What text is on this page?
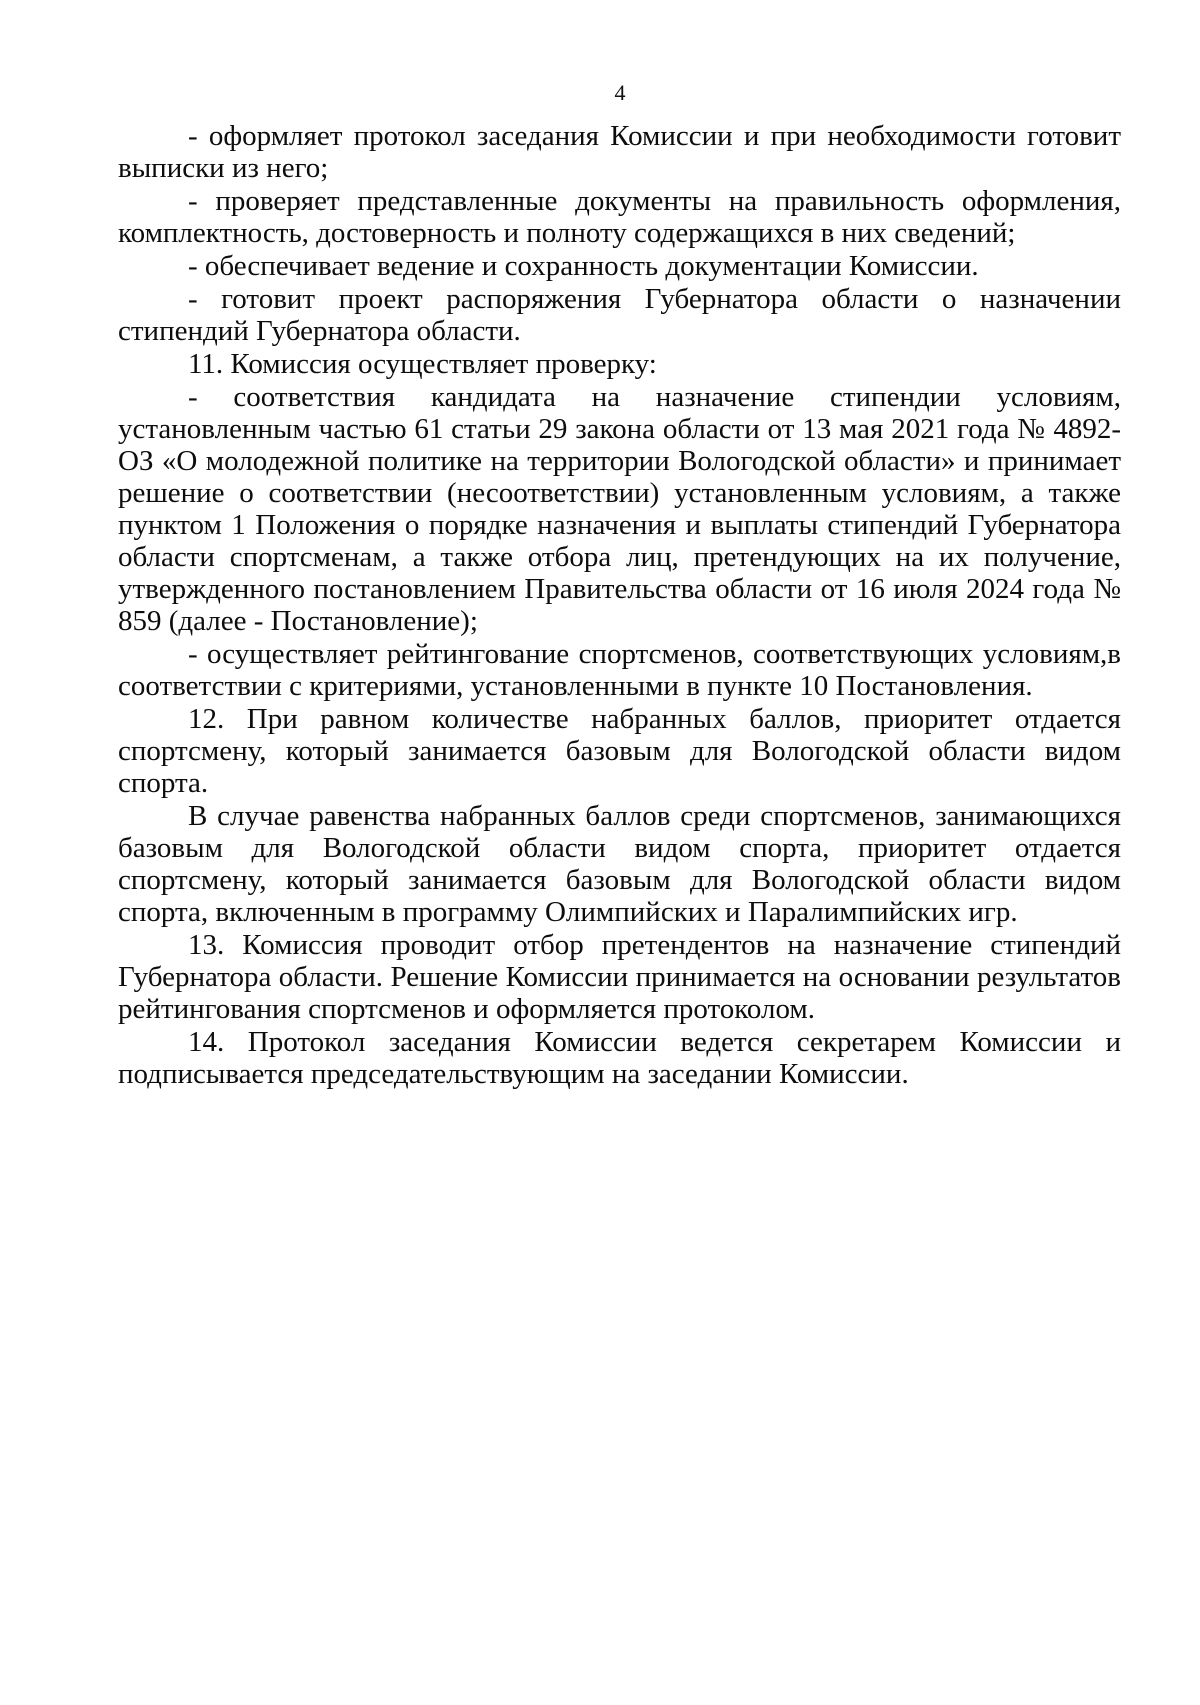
4

- оформляет протокол заседания Комиссии и при необходимости готовит выписки из него;

- проверяет представленные документы на правильность оформления, комплектность, достоверность и полноту содержащихся в них сведений;

- обеспечивает ведение и сохранность документации Комиссии.

- готовит проект распоряжения Губернатора области о назначении стипендий Губернатора области.

11. Комиссия осуществляет проверку:

- соответствия кандидата на назначение стипендии условиям, установленным частью 61 статьи 29 закона области от 13 мая 2021 года № 4892-ОЗ «О молодежной политике на территории Вологодской области» и принимает решение о соответствии (несоответствии) установленным условиям, а также пунктом 1 Положения о порядке назначения и выплаты стипендий Губернатора области спортсменам, а также отбора лиц, претендующих на их получение, утвержденного постановлением Правительства области от 16 июля 2024 года № 859 (далее - Постановление);

- осуществляет рейтингование спортсменов, соответствующих условиям,в соответствии с критериями, установленными в пункте 10 Постановления.

12. При равном количестве набранных баллов, приоритет отдается спортсмену, который занимается базовым для Вологодской области видом спорта.

В случае равенства набранных баллов среди спортсменов, занимающихся базовым для Вологодской области видом спорта, приоритет отдается спортсмену, который занимается базовым для Вологодской области видом спорта, включенным в программу Олимпийских и Паралимпийских игр.

13. Комиссия проводит отбор претендентов на назначение стипендий Губернатора области. Решение Комиссии принимается на основании результатов рейтингования спортсменов и оформляется протоколом.

14. Протокол заседания Комиссии ведется секретарем Комиссии и подписывается председательствующим на заседании Комиссии.
